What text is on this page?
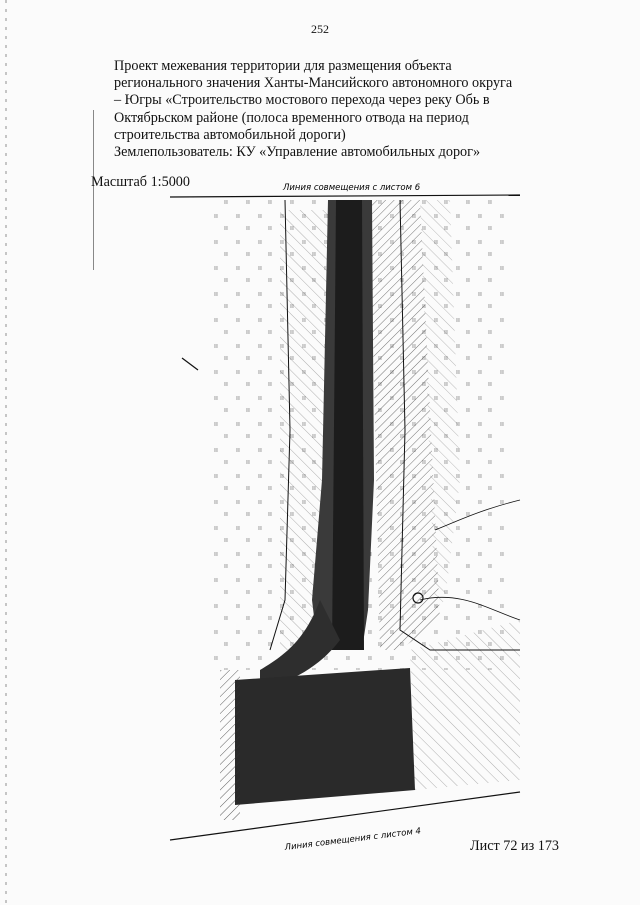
252
Проект межевания территории для размещения объекта
регионального значения Ханты-Мансийского автономного округа
– Югры «Строительство мостового перехода через реку Обь в
Октябрьском районе (полоса временного отвода на период
строительства автомобильной дороги)
Землепользователь: КУ «Управление автомобильных дорог»
Масштаб 1:5000	Линия совмещения с листом 6
Линия совмещения с листом 4	Лист 72 из 173
